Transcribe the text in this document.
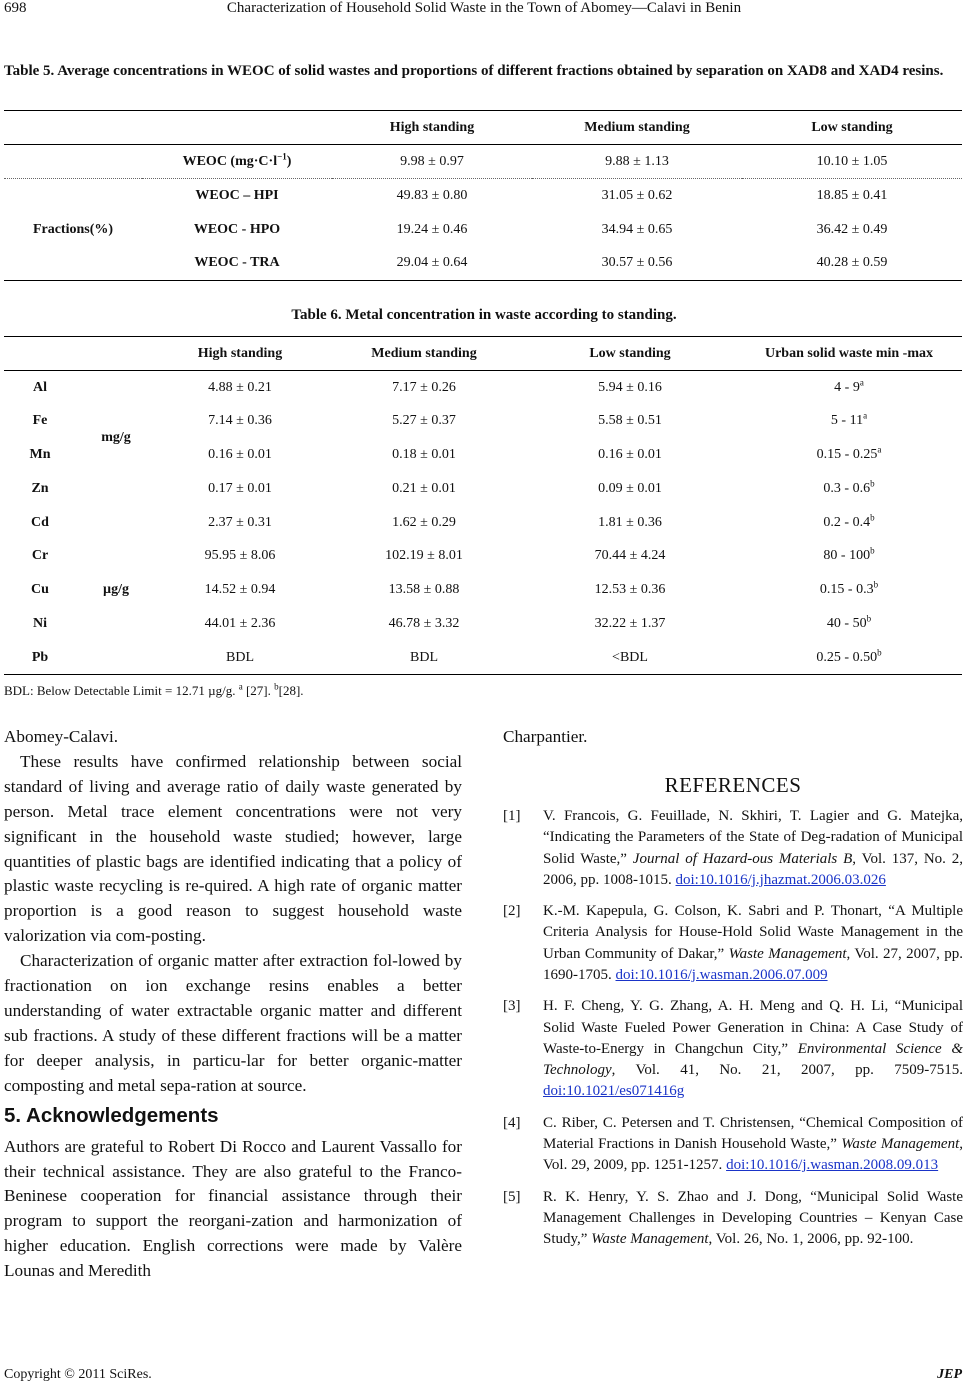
698	Characterization of Household Solid Waste in the Town of Abomey—Calavi in Benin
Table 5. Average concentrations in WEOC of solid wastes and proportions of different fractions obtained by separation on XAD8 and XAD4 resins.
		High standing	Medium standing	Low standing
	WEOC $(mg\cdot C\cdot l^{-1})$	9.98 ± 0.97	9.88 ± 1.13	10.10 ± 1.05
Fractions(%)	WEOC – HPI	49.83 ± 0.80	31.05 ± 0.62	18.85 ± 0.41
	WEOC - HPO	19.24 ± 0.46	34.94 ± 0.65	36.42 ± 0.49
	WEOC - TRA	29.04 ± 0.64	30.57 ± 0.56	40.28 ± 0.59
Table 6. Metal concentration in waste according to standing.
		High standing	Medium standing	Low standing	Urban solid waste min -max
Al	mg/g	4.88 ± 0.21	7.17 ± 0.26	5.94 ± 0.16	4 - 9$^a$
Fe		7.14 ± 0.36	5.27 ± 0.37	5.58 ± 0.51	5 - 11$^a$
Mn		0.16 ± 0.01	0.18 ± 0.01	0.16 ± 0.01	0.15 - 0.25$^a$
Zn		0.17 ± 0.01	0.21 ± 0.01	0.09 ± 0.01	0.3 - 0.6$^b$
Cd	µg/g	2.37 ± 0.31	1.62 ± 0.29	1.81 ± 0.36	0.2 - 0.4$^b$
Cr		95.95 ± 8.06	102.19 ± 8.01	70.44 ± 4.24	80 - 100$^b$
Cu		14.52 ± 0.94	13.58 ± 0.88	12.53 ± 0.36	0.15 - 0.3$^b$
Ni		44.01 ± 2.36	46.78 ± 3.32	32.22 ± 1.37	40 - 50$^b$
Pb		BDL	BDL	<BDL	0.25 - 0.50$^b$
BDL: Below Detectable Limit = 12.71 µg/g. $^a$ [27]. $^b$[28].

Abomey-Calavi.

These results have confirmed relationship between social standard of living and average ratio of daily waste generated by person. Metal trace element concentrations were not very significant in the household waste studied; however, large quantities of plastic bags are identified indicating that a policy of plastic waste recycling is re-quired. A high rate of organic matter proportion is a good reason to suggest household waste valorization via com-posting.

Characterization of organic matter after extraction fol-lowed by fractionation on ion exchange resins enables a better understanding of water extractable organic matter and different sub fractions. A study of these different fractions will be a matter for deeper analysis, in particu-lar for better organic-matter composting and metal sepa-ration at source.

5. Acknowledgements

Authors are grateful to Robert Di Rocco and Laurent Vassallo for their technical assistance. They are also grateful to the Franco-Beninese cooperation for financial assistance through their program to support the reorgani-zation and harmonization of higher education. English corrections were made by Valère Lounas and Meredith

Charpantier.

REFERENCES
[1] V. Francois, G. Feuillade, N. Skhiri, T. Lagier and G. Matejka, “Indicating the Parameters of the State of Deg-radation of Municipal Solid Waste,” Journal of Hazard-ous Materials B, Vol. 137, No. 2, 2006, pp. 1008-1015. doi:10.1016/j.jhazmat.2006.03.026
[2] K.-M. Kapepula, G. Colson, K. Sabri and P. Thonart, “A Multiple Criteria Analysis for House-Hold Solid Waste Management in the Urban Community of Dakar,” Waste Management, Vol. 27, 2007, pp. 1690-1705. doi:10.1016/j.wasman.2006.07.009
[3] H. F. Cheng, Y. G. Zhang, A. H. Meng and Q. H. Li, “Municipal Solid Waste Fueled Power Generation in China: A Case Study of Waste-to-Energy in Changchun City,” Environmental Science & Technology, Vol. 41, No. 21, 2007, pp. 7509-7515. doi:10.1021/es071416g
[4] C. Riber, C. Petersen and T. Christensen, “Chemical Composition of Material Fractions in Danish Household Waste,” Waste Management, Vol. 29, 2009, pp. 1251-1257. doi:10.1016/j.wasman.2008.09.013
[5] R. K. Henry, Y. S. Zhao and J. Dong, “Municipal Solid Waste Management Challenges in Developing Countries – Kenyan Case Study,” Waste Management, Vol. 26, No. 1, 2006, pp. 92-100.
Copyright © 2011 SciRes.	JEP
